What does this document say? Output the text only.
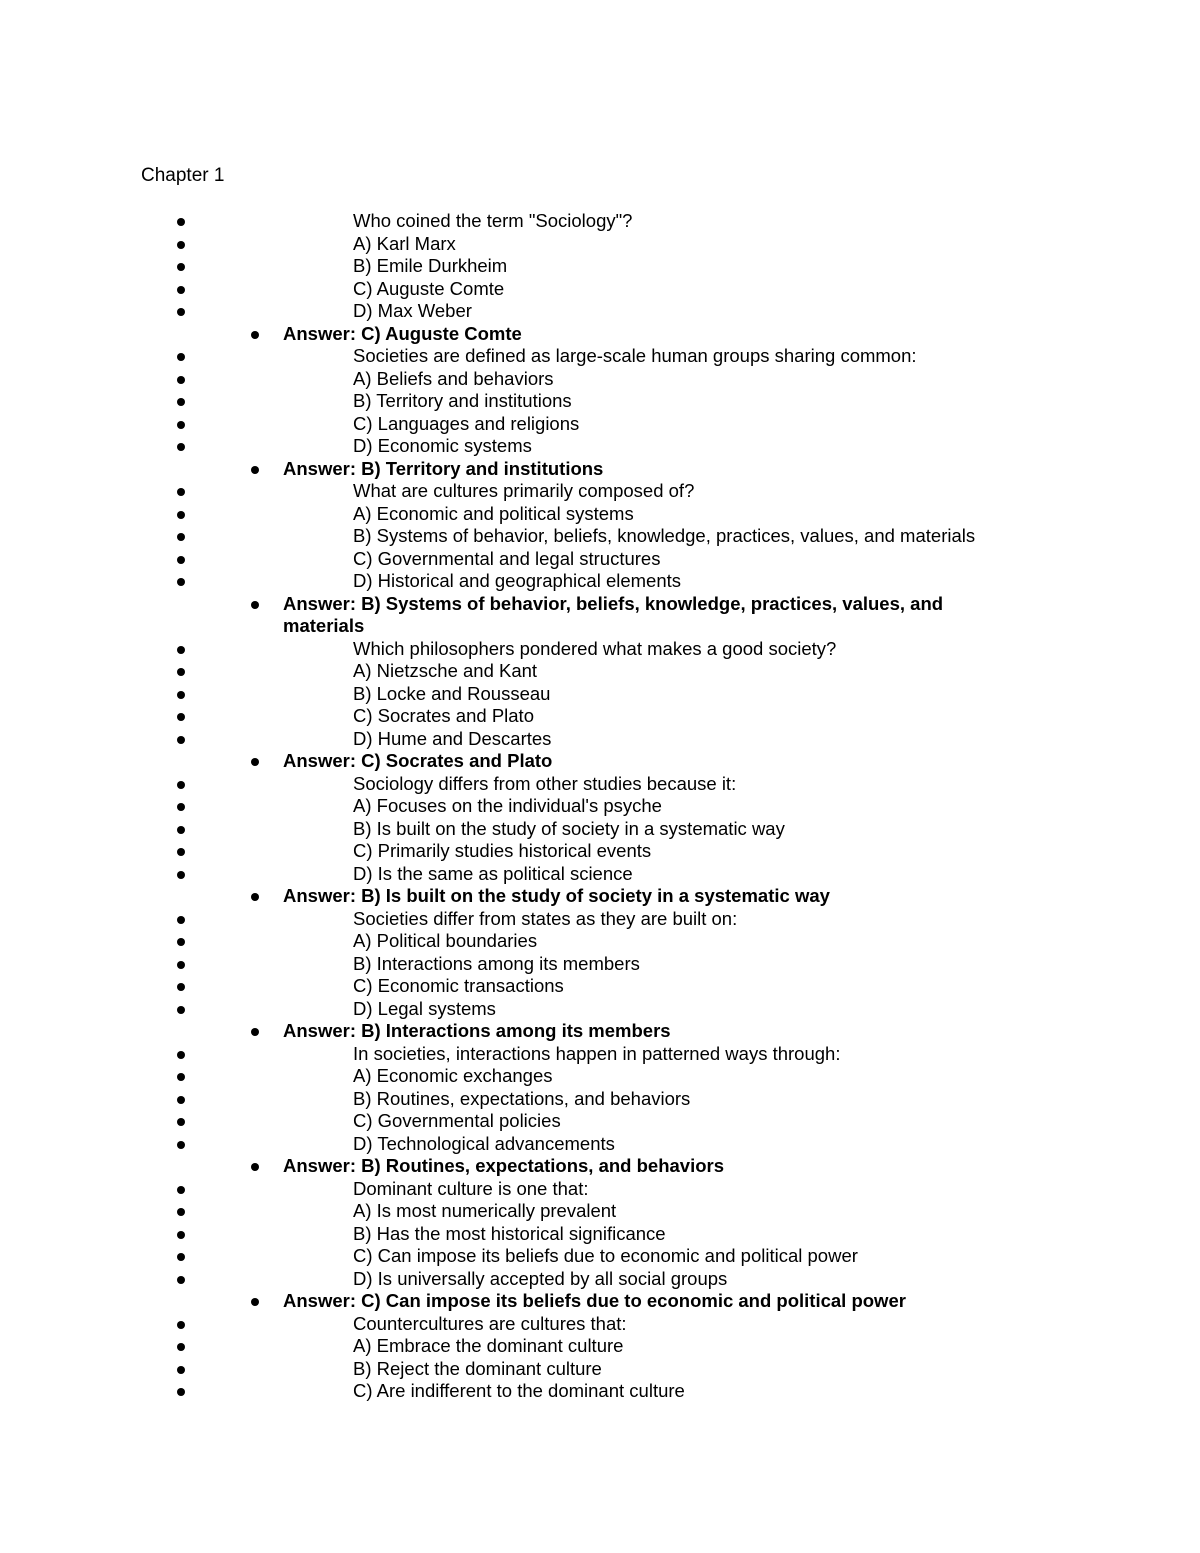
Chapter 1
Who coined the term "Sociology"?
A) Karl Marx
B) Emile Durkheim
C) Auguste Comte
D) Max Weber
Answer: C) Auguste Comte
Societies are defined as large-scale human groups sharing common:
A) Beliefs and behaviors
B) Territory and institutions
C) Languages and religions
D) Economic systems
Answer: B) Territory and institutions
What are cultures primarily composed of?
A) Economic and political systems
B) Systems of behavior, beliefs, knowledge, practices, values, and materials
C) Governmental and legal structures
D) Historical and geographical elements
Answer: B) Systems of behavior, beliefs, knowledge, practices, values, and materials
Which philosophers pondered what makes a good society?
A) Nietzsche and Kant
B) Locke and Rousseau
C) Socrates and Plato
D) Hume and Descartes
Answer: C) Socrates and Plato
Sociology differs from other studies because it:
A) Focuses on the individual's psyche
B) Is built on the study of society in a systematic way
C) Primarily studies historical events
D) Is the same as political science
Answer: B) Is built on the study of society in a systematic way
Societies differ from states as they are built on:
A) Political boundaries
B) Interactions among its members
C) Economic transactions
D) Legal systems
Answer: B) Interactions among its members
In societies, interactions happen in patterned ways through:
A) Economic exchanges
B) Routines, expectations, and behaviors
C) Governmental policies
D) Technological advancements
Answer: B) Routines, expectations, and behaviors
Dominant culture is one that:
A) Is most numerically prevalent
B) Has the most historical significance
C) Can impose its beliefs due to economic and political power
D) Is universally accepted by all social groups
Answer: C) Can impose its beliefs due to economic and political power
Countercultures are cultures that:
A) Embrace the dominant culture
B) Reject the dominant culture
C) Are indifferent to the dominant culture
